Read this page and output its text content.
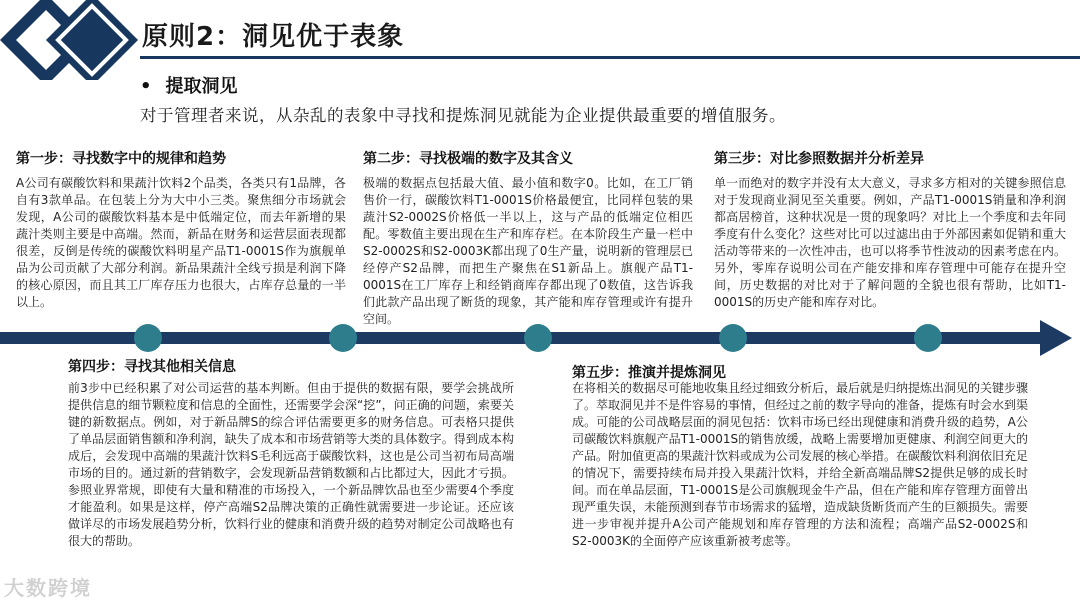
原则2：洞见优于表象
• 提取洞见
对于管理者来说，从杂乱的表象中寻找和提炼洞见就能为企业提供最重要的增值服务。
第一步：寻找数字中的规律和趋势
A公司有碳酸饮料和果蔬汁饮料2个品类，各类只有1品牌，各自有3款单品。在包装上分为大中小三类。聚焦细分市场就会发现，A公司的碳酸饮料基本是中低端定位，而去年新增的果蔬汁类则主要是中高端。然而，新品在财务和运营层面表现都很差，反倒是传统的碳酸饮料明星产品T1-0001S作为旗舰单品为公司贡献了大部分利润。新品果蔬汁全线亏损是利润下降的核心原因，而且其工厂库存压力也很大，占库存总量的一半以上。
第二步：寻找极端的数字及其含义
极端的数据点包括最大值、最小值和数字0。比如，在工厂销售价一行，碳酸饮料T1-0001S价格最便宜，比同样包装的果蔬汁S2-0002S价格低一半以上，这与产品的低端定位相匹配。零数值主要出现在生产和库存栏。在本阶段生产量一栏中S2-0002S和S2-0003K都出现了0生产量，说明新的管理层已经停产S2品牌，而把生产聚焦在S1新品上。旗舰产品T1-0001S在工厂库存上和经销商库存都出现了0数值，这告诉我们此款产品出现了断货的现象，其产能和库存管理或许有提升空间。
第三步：对比参照数据并分析差异
单一而绝对的数字并没有太大意义，寻求多方相对的关键参照信息对于发现商业洞见至关重要。例如，产品T1-0001S销量和净利润都高居榜首，这种状况是一贯的现象吗？对比上一个季度和去年同季度有什么变化？这些对比可以过滤出由于外部因素如促销和重大活动等带来的一次性冲击，也可以将季节性波动的因素考虑在内。另外，零库存说明公司在产能安排和库存管理中可能存在提升空间，历史数据的对比对于了解问题的全貌也很有帮助，比如T1-0001S的历史产能和库存对比。
第四步：寻找其他相关信息
前3步中已经积累了对公司运营的基本判断。但由于提供的数据有限，要学会挑战所提供信息的细节颗粒度和信息的全面性，还需要学会深“挖”，问正确的问题，索要关键的新数据点。例如，对于新品牌S的综合评估需要更多的财务信息。可表格只提供了单品层面销售额和净利润，缺失了成本和市场营销等大类的具体数字。得到成本构成后，会发现中高端的果蔬汁饮料S毛利远高于碳酸饮料，这也是公司当初布局高端市场的目的。通过新的营销数字，会发现新品营销数额和占比都过大，因此才亏损。参照业界常规，即使有大量和精准的市场投入，一个新品牌饮品也至少需要4个季度才能盈利。如果是这样，停产高端S2品牌决策的正确性就需要进一步论证。还应该做详尽的市场发展趋势分析，饮料行业的健康和消费升级的趋势对制定公司战略也有很大的帮助。
第五步：推演并提炼洞见
在将相关的数据尽可能地收集且经过细致分析后，最后就是归纳提炼出洞见的关键步骤了。萃取洞见并不是件容易的事情，但经过之前的数字导向的准备，提炼有时会水到渠成。可能的公司战略层面的洞见包括：饮料市场已经出现健康和消费升级的趋势，A公司碳酸饮料旗舰产品T1-0001S的销售放缓，战略上需要增加更健康、利润空间更大的产品。附加值更高的果蔬汁饮料或成为公司发展的核心举措。在碳酸饮料利润依旧充足的情况下，需要持续布局并投入果蔬汁饮料，并给全新高端品牌S2提供足够的成长时间。而在单品层面，T1-0001S是公司旗舰现金牛产品，但在产能和库存管理方面曾出现严重失误，未能预测到春节市场需求的猛增，造成缺货断货而产生的巨额损失。需要进一步审视并提升A公司产能规划和库存管理的方法和流程；高端产品S2-0002S和S2-0003K的全面停产应该重新被考虑等。
大数跨境
